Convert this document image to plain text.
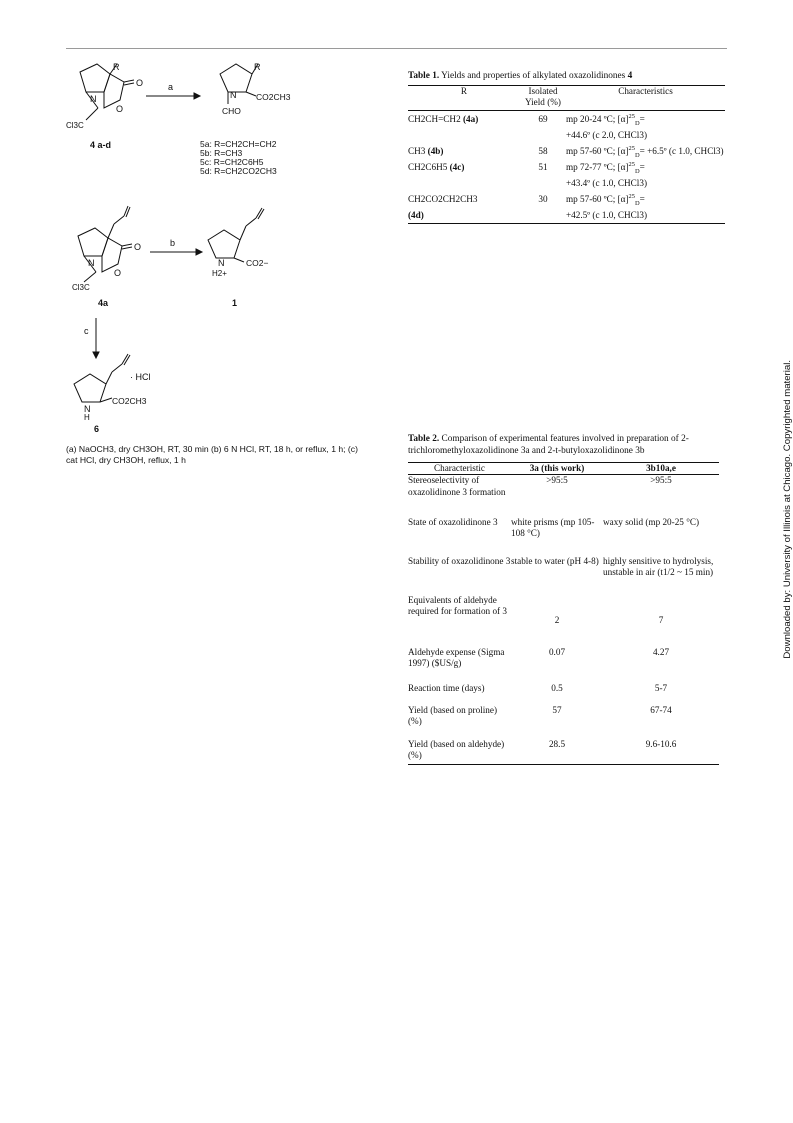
R
O
N
O
Cl3C
4 a-d
a
R
CO2CH3
N
CHO
5a: R=CH2CH=CH2
5b: R=CH3
5c: R=CH2C6H5
5d: R=CH2CO2CH3
O
N
O
Cl3C
4a
b
N
H2+
CO2−
1
c
· HCl
N
H
CO2CH3
6
(a) NaOCH3, dry CH3OH, RT, 30 min (b) 6 N HCl, RT, 18 h, or reflux, 1 h; (c) cat HCl, dry CH3OH, reflux, 1 h
Table 1. Yields and properties of alkylated oxazolidinones 4
R	Isolated Yield (%)	Characteristics

CH2CH=CH2 (4a)	69	mp 20-24 ºC; $[\alpha]^{25}_D=$
+44.6º (c 2.0, CHCl3)
CH3 (4b)	58	mp 57-60 ºC; $[\alpha]^{25}_D=$ +6.5º (c 1.0, CHCl3)
CH2C6H5 (4c)	51	mp 72-77 ºC; $[\alpha]^{25}_D=$
+43.4º (c 1.0, CHCl3)
CH2CO2CH2CH3
(4d)	30	mp 57-60 ºC; $[\alpha]^{25}_D=$
+42.5º (c 1.0, CHCl3)
Table 2. Comparison of experimental features involved in preparation of 2-trichloromethyloxazolidinone 3a and 2-t-butyloxazolidinone 3b
Characteristic	3a (this work)	3b10a,e
Stereoselectivity of oxazolidinone 3 formation	>95:5	>95:5
State of oxazolidinone 3	white prisms (mp 105-108 °C)	waxy solid (mp 20-25 °C)
Stability of oxazolidinone 3	stable to water (pH 4-8)	highly sensitive to hydrolysis, unstable in air (t1/2 ~ 15 min)
Equivalents of aldehyde required for formation of 3	2	7
Aldehyde expense (Sigma 1997) ($US/g)	0.07	4.27
Reaction time (days)	0.5	5-7
Yield (based on proline) (%)	57	67-74
Yield (based on aldehyde) (%)	28.5	9.6-10.6
Downloaded by: University of Illinois at Chicago. Copyrighted material.
